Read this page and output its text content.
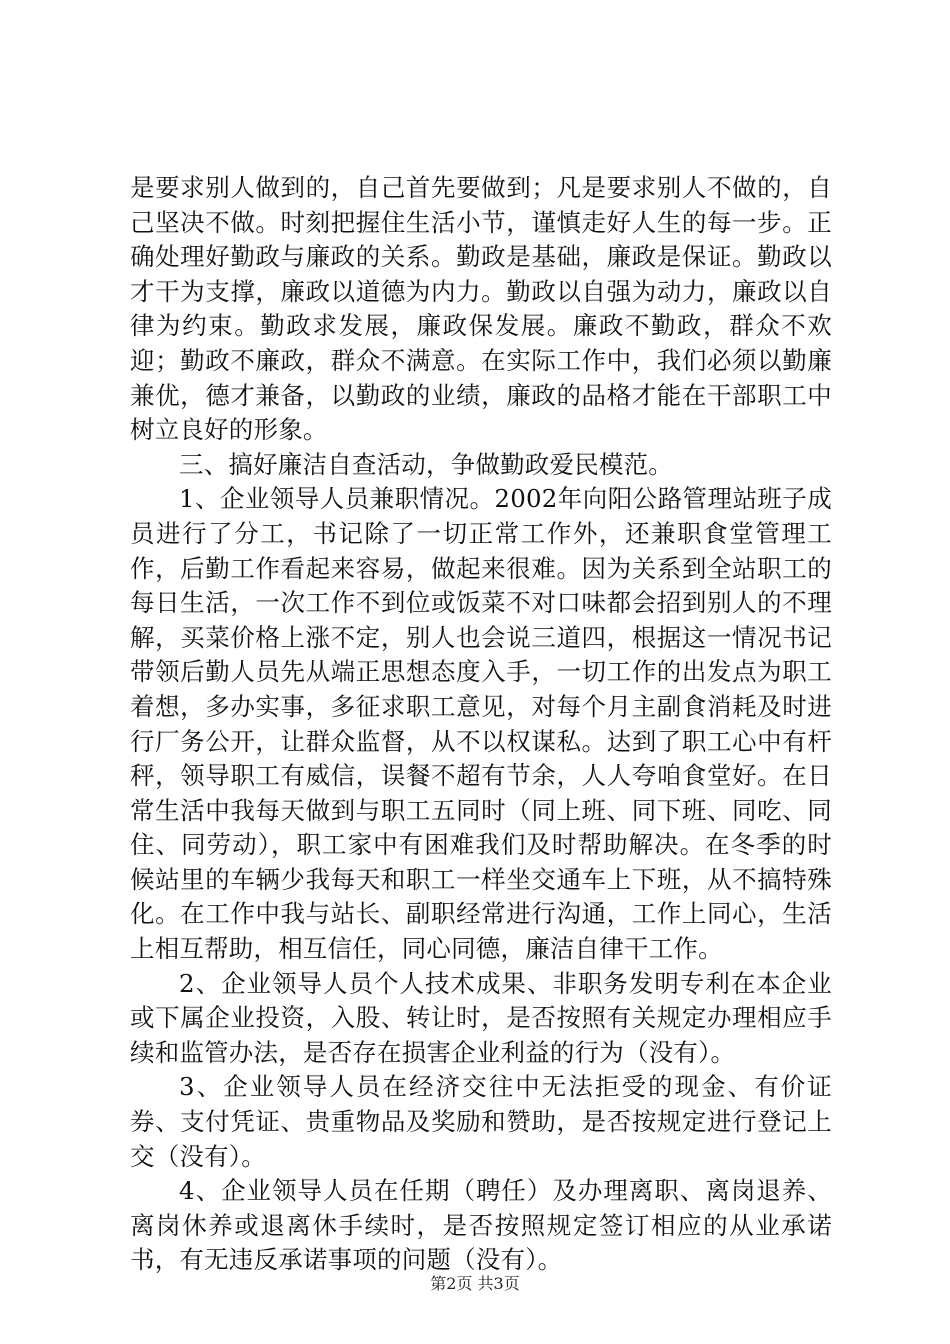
是要求别人做到的，自己首先要做到；凡是要求别人不做的，自己坚决不做。时刻把握住生活小节，谨慎走好人生的每一步。正确处理好勤政与廉政的关系。勤政是基础，廉政是保证。勤政以才干为支撑，廉政以道德为内力。勤政以自强为动力，廉政以自律为约束。勤政求发展，廉政保发展。廉政不勤政，群众不欢迎；勤政不廉政，群众不满意。在实际工作中，我们必须以勤廉兼优，德才兼备，以勤政的业绩，廉政的品格才能在干部职工中树立良好的形象。

三、搞好廉洁自查活动，争做勤政爱民模范。

1、企业领导人员兼职情况。2002年向阳公路管理站班子成员进行了分工，书记除了一切正常工作外，还兼职食堂管理工作，后勤工作看起来容易，做起来很难。因为关系到全站职工的每日生活，一次工作不到位或饭菜不对口味都会招到别人的不理解，买菜价格上涨不定，别人也会说三道四，根据这一情况书记带领后勤人员先从端正思想态度入手，一切工作的出发点为职工着想，多办实事，多征求职工意见，对每个月主副食消耗及时进行厂务公开，让群众监督，从不以权谋私。达到了职工心中有杆秤，领导职工有威信，误餐不超有节余，人人夸咱食堂好。在日常生活中我每天做到与职工五同时（同上班、同下班、同吃、同住、同劳动），职工家中有困难我们及时帮助解决。在冬季的时候站里的车辆少我每天和职工一样坐交通车上下班，从不搞特殊化。在工作中我与站长、副职经常进行沟通，工作上同心，生活上相互帮助，相互信任，同心同德，廉洁自律干工作。

2、企业领导人员个人技术成果、非职务发明专利在本企业或下属企业投资，入股、转让时，是否按照有关规定办理相应手续和监管办法，是否存在损害企业利益的行为（没有）。

3、企业领导人员在经济交往中无法拒受的现金、有价证券、支付凭证、贵重物品及奖励和赞助，是否按规定进行登记上交（没有）。

4、企业领导人员在任期（聘任）及办理离职、离岗退养、离岗休养或退离休手续时，是否按照规定签订相应的从业承诺书，有无违反承诺事项的问题（没有）。

第2页 共3页
